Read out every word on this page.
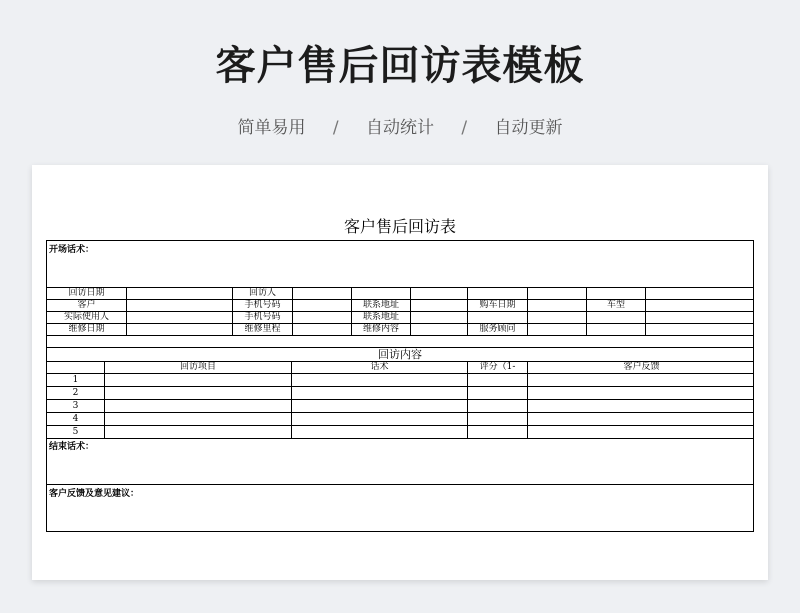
客户售后回访表模板
简单易用 / 自动统计 / 自动更新
客户售后回访表
开场话术：
回访日期	回访人
客户	手机号码	联系地址	购车日期	车型
实际使用人	手机号码	联系地址
维修日期	维修里程	维修内容	服务顾问
回访内容
回访项目	话术	评分（1-	客户反馈
1
2
3
4
5
结束话术：
客户反馈及意见建议：
